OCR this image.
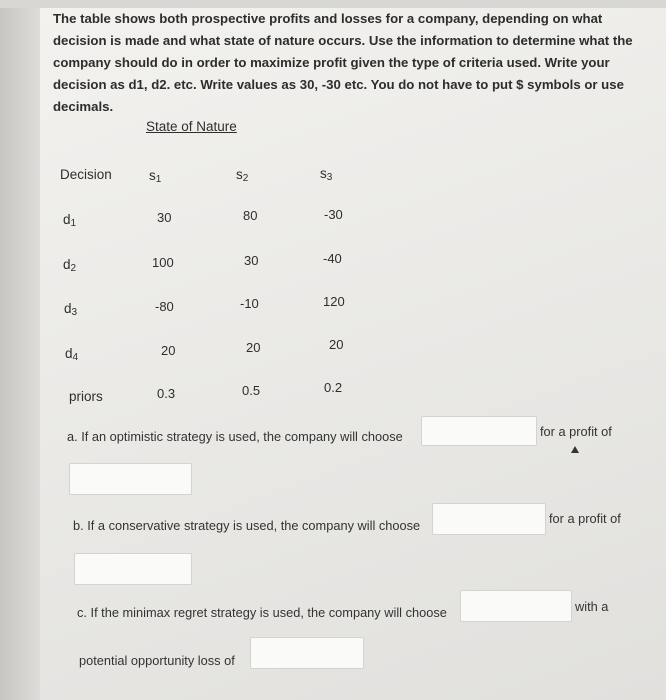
The table shows both prospective profits and losses for a company, depending on what decision is made and what state of nature occurs. Use the information to determine what the company should do in order to maximize profit given the type of criteria used. Write your decision as d1, d2. etc. Write values as 30, -30 etc. You do not have to put $ symbols or use decimals.

State of Nature
Decision	$s_1$	$s_2$	$s_3$
$d_1$	30	80	-30
$d_2$	100	30	-40
$d_3$	-80	-10	120
$d_4$	20	20	20
priors	0.3	0.5	0.2
a. If an optimistic strategy is used, the company will choose	for a profit of
b. If a conservative strategy is used, the company will choose	for a profit of
c. If the minimax regret strategy is used, the company will choose	with a
potential opportunity loss of
